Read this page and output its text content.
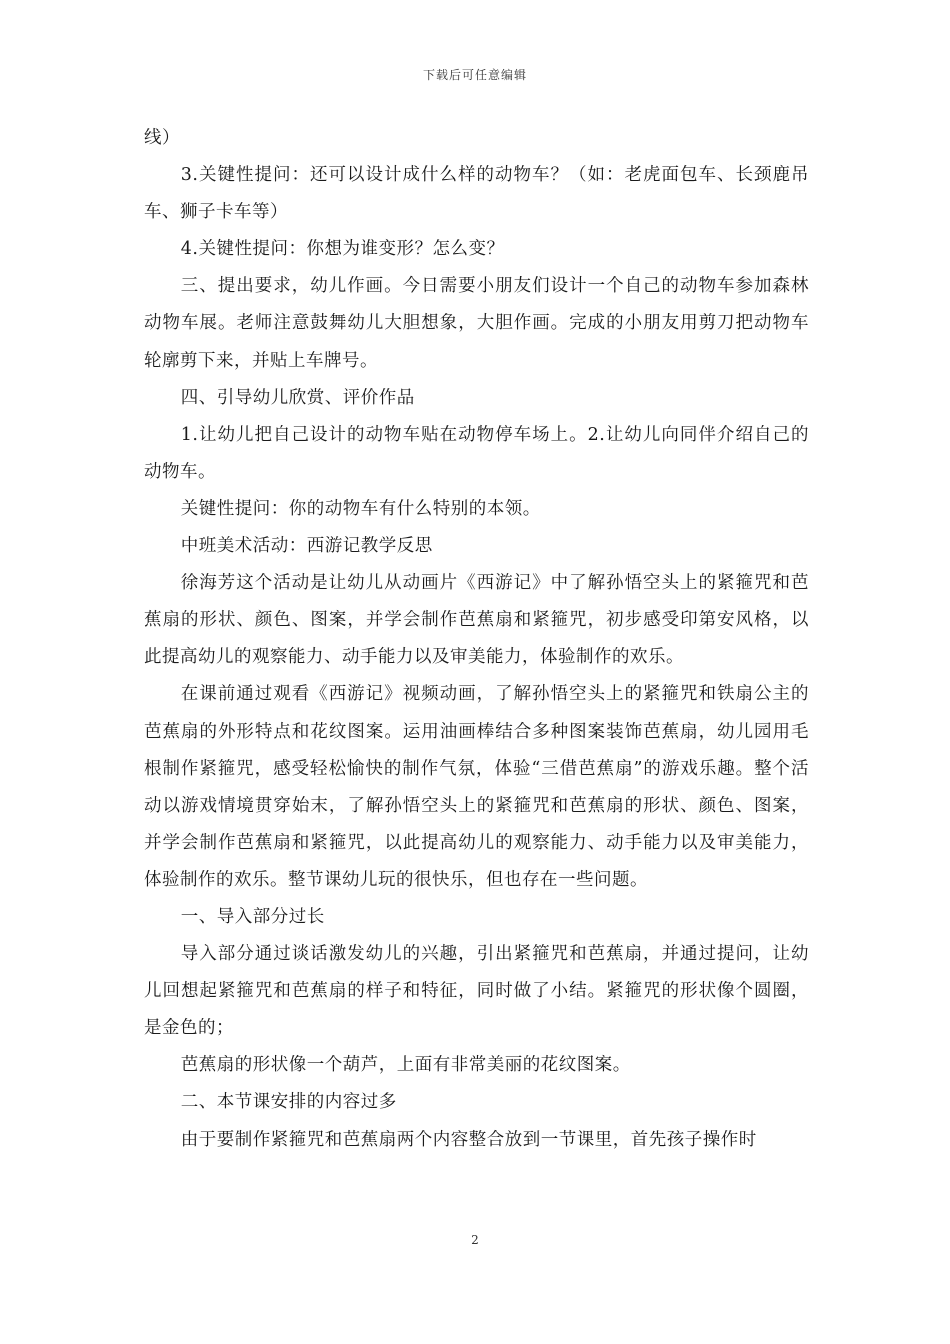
下载后可任意编辑

线）

3.关键性提问：还可以设计成什么样的动物车？（如：老虎面包车、长颈鹿吊车、狮子卡车等）

4.关键性提问：你想为谁变形？怎么变？

三、提出要求，幼儿作画。今日需要小朋友们设计一个自己的动物车参加森林动物车展。老师注意鼓舞幼儿大胆想象，大胆作画。完成的小朋友用剪刀把动物车轮廓剪下来，并贴上车牌号。

四、引导幼儿欣赏、评价作品

1.让幼儿把自己设计的动物车贴在动物停车场上。2.让幼儿向同伴介绍自己的动物车。

关键性提问：你的动物车有什么特别的本领。

中班美术活动：西游记教学反思

徐海芳这个活动是让幼儿从动画片《西游记》中了解孙悟空头上的紧箍咒和芭蕉扇的形状、颜色、图案，并学会制作芭蕉扇和紧箍咒，初步感受印第安风格，以此提高幼儿的观察能力、动手能力以及审美能力，体验制作的欢乐。

在课前通过观看《西游记》视频动画，了解孙悟空头上的紧箍咒和铁扇公主的芭蕉扇的外形特点和花纹图案。运用油画棒结合多种图案装饰芭蕉扇，幼儿园用毛根制作紧箍咒，感受轻松愉快的制作气氛，体验“三借芭蕉扇”的游戏乐趣。整个活动以游戏情境贯穿始末，了解孙悟空头上的紧箍咒和芭蕉扇的形状、颜色、图案，并学会制作芭蕉扇和紧箍咒，以此提高幼儿的观察能力、动手能力以及审美能力，体验制作的欢乐。整节课幼儿玩的很快乐，但也存在一些问题。

一、导入部分过长

导入部分通过谈话激发幼儿的兴趣，引出紧箍咒和芭蕉扇，并通过提问，让幼儿回想起紧箍咒和芭蕉扇的样子和特征，同时做了小结。紧箍咒的形状像个圆圈，是金色的；

芭蕉扇的形状像一个葫芦，上面有非常美丽的花纹图案。

二、本节课安排的内容过多

由于要制作紧箍咒和芭蕉扇两个内容整合放到一节课里，首先孩子操作时

2
